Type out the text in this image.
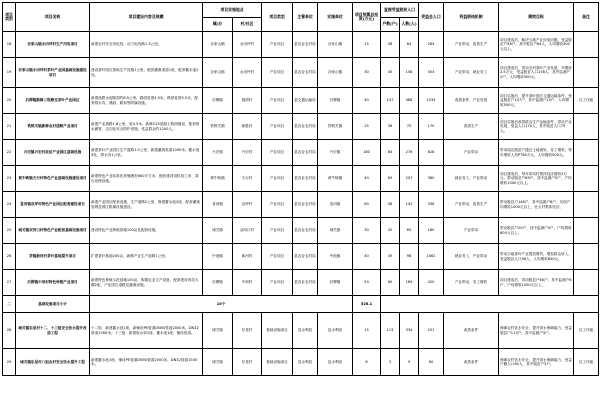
项目类别	项目名称	项目建设内容及规模	项目实施地点		项目类型	主管单位	实施单位	项目预算总投资(万元)	直接受益脱贫人口		受益总人口	利益联结机制	绩效目标	备注
			镇/办	村/社区					户数(户)	人数(人)				
18	谷家山镇水田坪村生产用电项目	新建农村安全用电线，动力电线路1.5公里。	谷家山镇	水田坪村	产业项目	县农业农村局	谷家山镇	15	58	64	285	产业带动，改善生产	项目建成后，解决当地产业用电问题，受益脱贫户58户，其中脱贫户64人，人均增收400元以上。	
19	谷家山镇水田坪村茶叶产业园基础设施建设项目	建设茶叶园区基础生产设施1公里，配套灌溉渠道1座，配套蓄水池2处。	谷家山镇	水田坪村	产业项目	县农业农村局	谷家山镇	30	45	158	504	产业带动，就业务工	项目建成后，带动全村茶叶产业发展，年增收2.5万元，受益脱贫人口158人，其中监测户2户，人均增收500元。	
20	后柳镇新修三级路至茶叶产业园区	新建道路水泥路面约8.5公里，路面宽度4.5米，路基宽度5.5米，配套排水沟、涵洞、路肩等附属设施。	后柳镇	桃园村	产业项目	县交通运输局	后柳镇	40	147	488	1534	改善条件，产业发展	项目实施后，提升茶叶园区交通运输条件，受益脱贫户147户，其中监测户10户，人均增收500元。	以工代赈
21	铁锁关镇新修农村道路产业项目	新建产业道路1.8公里，宽4.5米，新修C25混凝土路面铺设，配套排水涵管、边沟及安全防护设施，受益群众约1200人。	铁锁关镇	新胜村	产业项目	县农业农村局	铁锁关镇	25	36	75	170	改善生产	项目实施后改善群众生产运输条件，带动产业发展，受益人口170人，其中脱贫人口75人。	
22	兴宏镇兴宏村扶贫产业园区基础设施	新建茶叶产业园区生产道路1.5公里，新建灌溉渠道1000米，蓄水池3处，排水沟1公里。	兴宏镇	兴宏村	产业项目	县农业农村局	兴宏镇	180	84	276	818	产业带动	带动周边脱贫户通过土地流转、务工增收，每年增收人均PT60万元，人均增收500元。	
23	黄牛峡镇天行村特色产业基础设施建设项目	新建特色产业标准化养殖圈舍800平方米，配套建设饲料加工房、粪污处理设施。	黄牛峡镇	天行村	产业项目	县农业农村局	黄牛峡镇	40	65	207	380	就业务工，产业带动	项目建成后，每年带动村集体经济增收2万元，带动脱贫户65户，其中监测户5户，户均增收1000元以上。	
24	喜河镇双坪村特色产业园区配套建设项目	新建产业园区配套设施，生产道路2公里，修建蓄水池2座，配套灌溉管网及园区附属设施建设。	喜河镇	双坪村	产业项目	县农业农村局	喜河镇	60	48	142	336	产业带动，改善生产	带动脱贫户148户，其中监测户8户，实现户均增收1000元以上，壮大村集体经济。	
25	城关镇双河口村特色产业配套基础设施项目	建设特色产业种植基地100亩及配套设施。	城关镇	双河口村	产业项目	县农业农村局	城关镇	30	20	65	180	产业带动	带动脱贫户20户，其中监测户5户，户均增收800元以上。	
26	茶镇新河村茶叶基地提升项目	扩建茶叶基地200亩，新修产业生产道路1公里。	中池镇	新河村	产业项目	县农业农村局	中池镇	40	35	98	1462	就业务工，产业带动	带动当地茶叶产业提质增效，增加群众收入，受益脱贫人口98人，人均增收600元。	
27	后柳镇中坝村特色种植产业项目	新建特色种植示范基地150亩，购置农业生产设备，配套建设育苗大棚2座，产业园区道路及灌溉设施。	后柳镇	中坝村	产业项目	县农业农村局	后柳镇	50	60	189	420	产业带动，务工增收	项目建成后，带动脱贫户60户，其中监测户6户，户均增收1000元以上。	
二	基础设施项目小计	10个						528.1						
28	城关镇东星村十二、十三组安全饮水提升改造工程	十二组：新建蓄水池1座，新铺设PE管道DN50管道2000米，DN32管道1000米；十三组：新建取水坝1座，蓄水池1座，铺设管道。	城关镇	东星村	基础设施项目	县水利局	县水利局	15	113	334	201	改善条件	保障农村饮水安全，提升供水保障能力，受益脱贫户113户，其中监测户3户。	以工代赈
29	城关镇东星村八组农村安全饮水提升工程	新建蓄水池1座，铺设PE管道DN50管道2000米，DN32管道1500米。	城关镇	东星村	基础设施项目	县水利局	县水利局	8	3	9	60	改善条件	保障农村饮水安全，提升供水保障能力，受益户籍人口60人，其中脱贫户3户。	以工代赈
